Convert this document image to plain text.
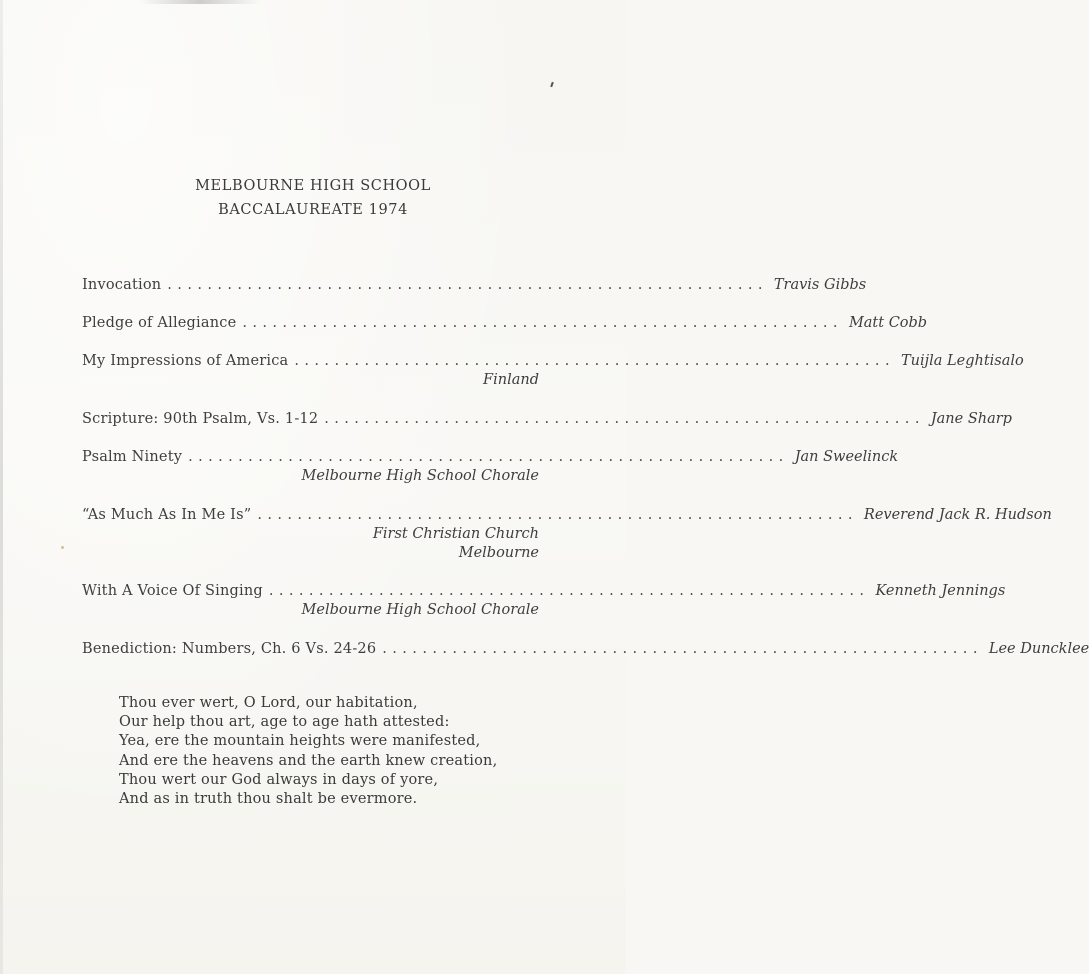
MELBOURNE HIGH SCHOOL
BACCALAUREATE 1974
Invocation ............................................................ Travis Gibbs
Pledge of Allegiance ............................................................ Matt Cobb
My Impressions of America ............................................................ Tuijla Leghtisalo
Finland
Scripture: 90th Psalm, Vs. 1-12 ............................................................ Jane Sharp
Psalm Ninety ............................................................ Jan Sweelinck
Melbourne High School Chorale
“As Much As In Me Is” ............................................................ Reverend Jack R. Hudson
First Christian Church
Melbourne
With A Voice Of Singing ............................................................ Kenneth Jennings
Melbourne High School Chorale
Benediction: Numbers, Ch. 6 Vs. 24-26 ............................................................ Lee Duncklee
Thou ever wert, O Lord, our habitation,
Our help thou art, age to age hath attested:
Yea, ere the mountain heights were manifested,
And ere the heavens and the earth knew creation,
Thou wert our God always in days of yore,
And as in truth thou shalt be evermore.
